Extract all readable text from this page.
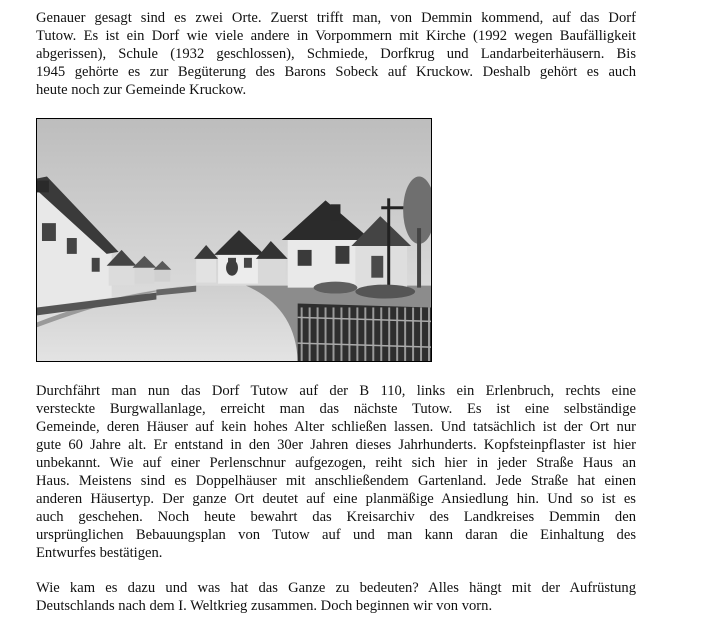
Genauer gesagt sind es zwei Orte. Zuerst trifft man, von Demmin kommend, auf das Dorf
Tutow. Es ist ein Dorf wie viele andere in Vorpommern mit Kirche (1992 wegen Baufälligkeit
abgerissen), Schule (1932 geschlossen), Schmiede, Dorfkrug und Landarbeiterhäusern. Bis
1945 gehörte es zur Begüterung des Barons Sobeck auf Kruckow. Deshalb gehört es auch
heute noch zur Gemeinde Kruckow.
Durchfährt man nun das Dorf Tutow auf der B 110, links ein Erlenbruch, rechts eine
versteckte Burgwallanlage, erreicht man das nächste Tutow. Es ist eine selbständige
Gemeinde, deren Häuser auf kein hohes Alter schließen lassen. Und tatsächlich ist der Ort nur
gute 60 Jahre alt. Er entstand in den 30er Jahren dieses Jahrhunderts. Kopfsteinpflaster ist hier
unbekannt. Wie auf einer Perlenschnur aufgezogen, reiht sich hier in jeder Straße Haus an
Haus. Meistens sind es Doppelhäuser mit anschließendem Gartenland. Jede Straße hat einen
anderen Häusertyp. Der ganze Ort deutet auf eine planmäßige Ansiedlung hin. Und so ist es
auch geschehen. Noch heute bewahrt das Kreisarchiv des Landkreises Demmin den
ursprünglichen Bebauungsplan von Tutow auf und man kann daran die Einhaltung des
Entwurfes bestätigen.
Wie kam es dazu und was hat das Ganze zu bedeuten? Alles hängt mit der Aufrüstung
Deutschlands nach dem I. Weltkrieg zusammen. Doch beginnen wir von vorn.
